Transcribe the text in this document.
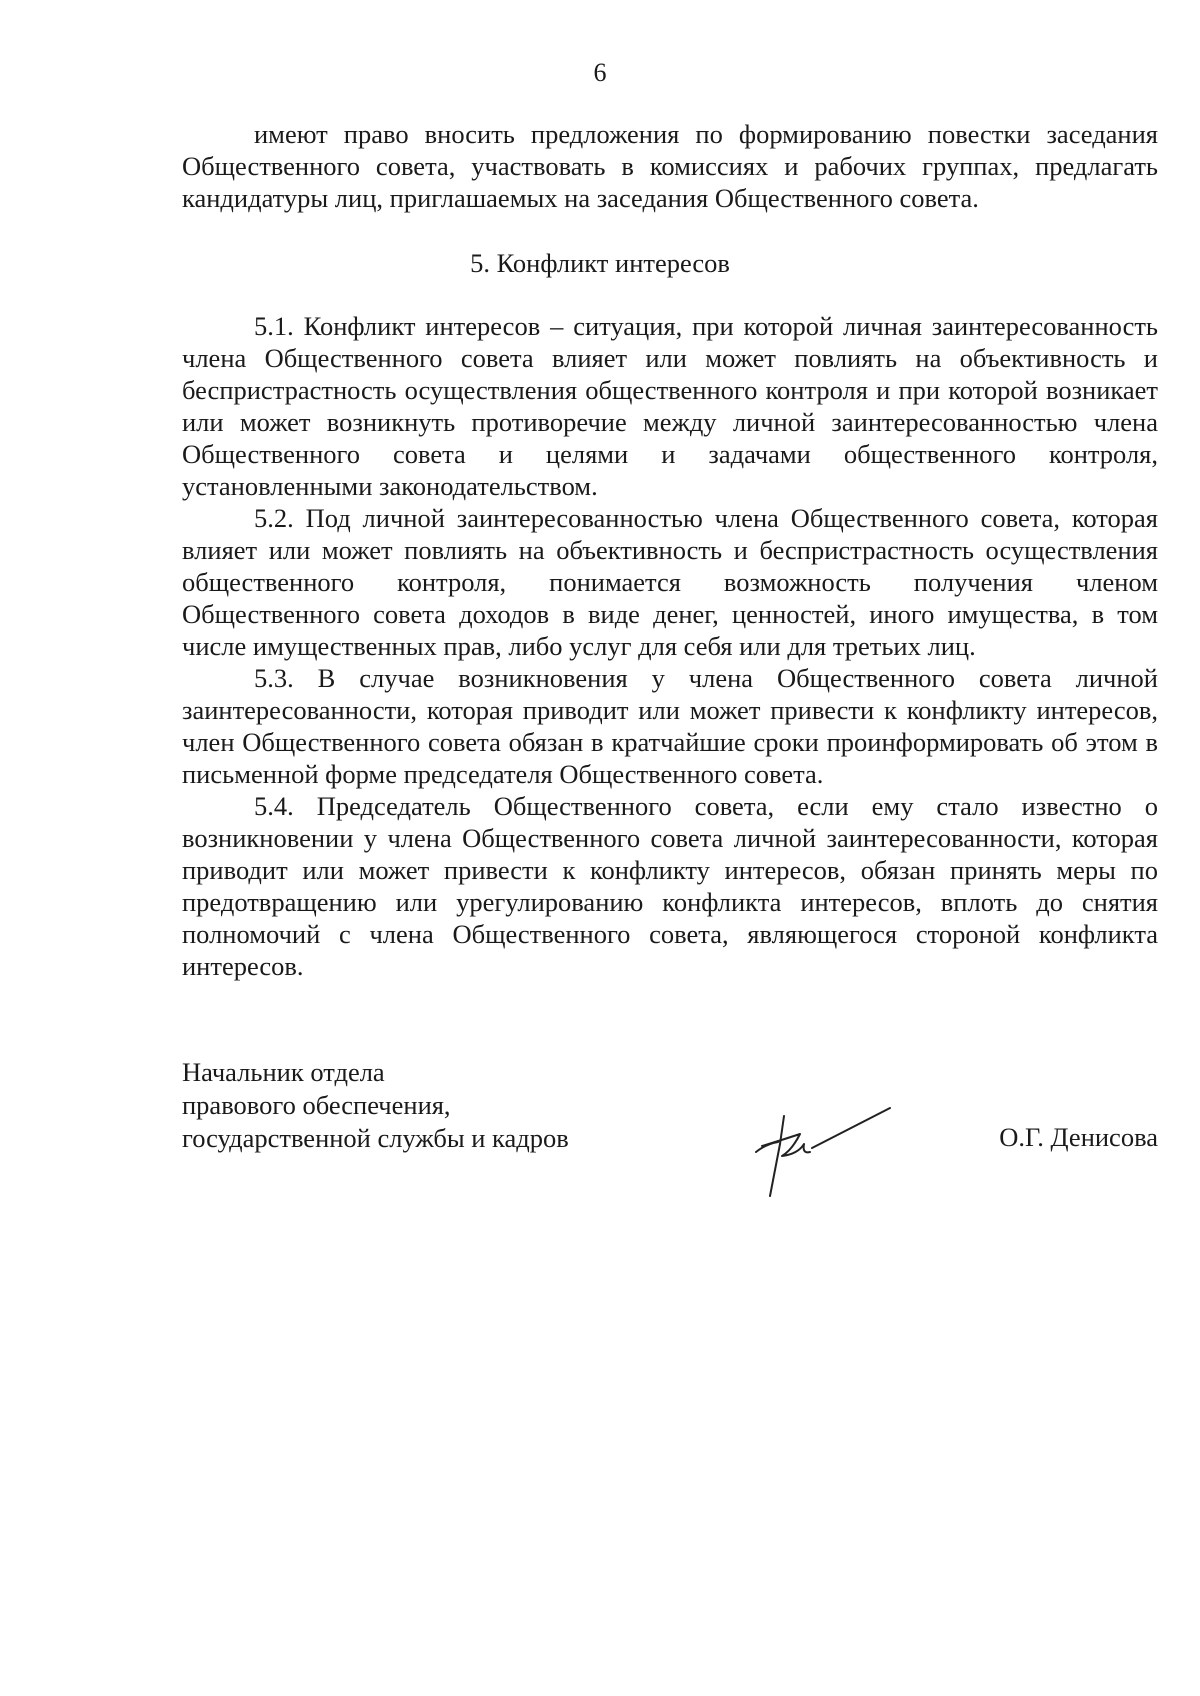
6

имеют право вносить предложения по формированию повестки заседания Общественного совета, участвовать в комиссиях и рабочих группах, предлагать кандидатуры лиц, приглашаемых на заседания Общественного совета.

5. Конфликт интересов

5.1. Конфликт интересов – ситуация, при которой личная заинтересованность члена Общественного совета влияет или может повлиять на объективность и беспристрастность осуществления общественного контроля и при которой возникает или может возникнуть противоречие между личной заинтересованностью члена Общественного совета и целями и задачами общественного контроля, установленными законодательством.

5.2. Под личной заинтересованностью члена Общественного совета, которая влияет или может повлиять на объективность и беспристрастность осуществления общественного контроля, понимается возможность получения членом Общественного совета доходов в виде денег, ценностей, иного имущества, в том числе имущественных прав, либо услуг для себя или для третьих лиц.

5.3. В случае возникновения у члена Общественного совета личной заинтересованности, которая приводит или может привести к конфликту интересов, член Общественного совета обязан в кратчайшие сроки проинформировать об этом в письменной форме председателя Общественного совета.

5.4. Председатель Общественного совета, если ему стало известно о возникновении у члена Общественного совета личной заинтересованности, которая приводит или может привести к конфликту интересов, обязан принять меры по предотвращению или урегулированию конфликта интересов, вплоть до снятия полномочий с члена Общественного совета, являющегося стороной конфликта интересов.

Начальник отдела
правового обеспечения,
государственной службы и кадров	О.Г. Денисова
